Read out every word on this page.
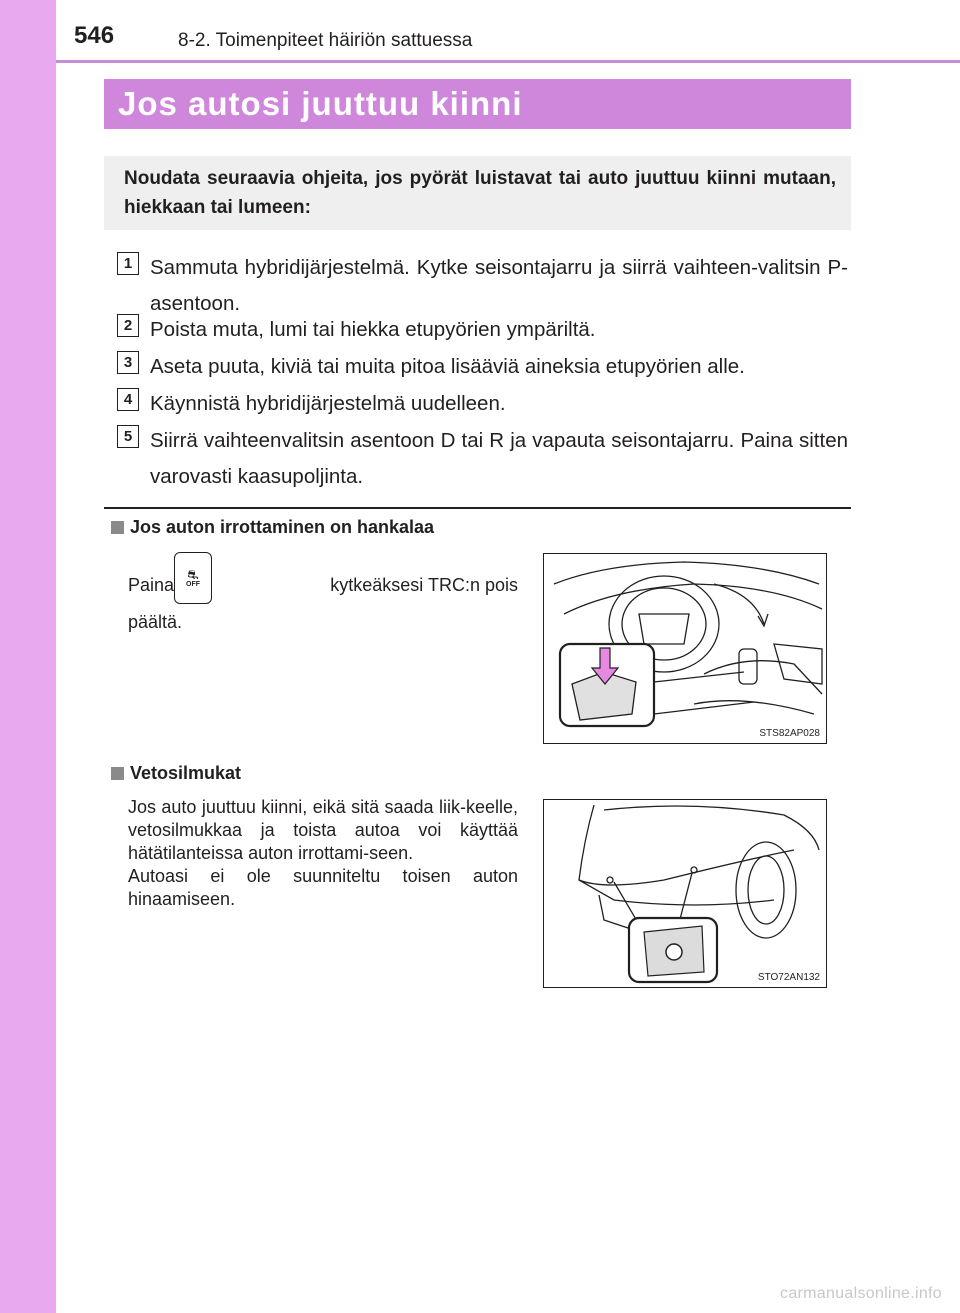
546	8-2. Toimenpiteet häiriön sattuessa
Jos autosi juuttuu kiinni

Noudata seuraavia ohjeita, jos pyörät luistavat tai auto juuttuu kiinni mutaan, hiekkaan tai lumeen:

1 Sammuta hybridijärjestelmä. Kytke seisontajarru ja siirrä vaihteen-valitsin P-asentoon.
2 Poista muta, lumi tai hiekka etupyörien ympäriltä.
3 Aseta puuta, kiviä tai muita pitoa lisääviä aineksia etupyörien alle.
4 Käynnistä hybridijärjestelmä uudelleen.
5 Siirrä vaihteenvalitsin asentoon D tai R ja vapauta seisontajarru. Paina sitten varovasti kaasupoljinta.
Jos auton irrottaminen on hankalaa
Paina
⛐
OFF	kytkeäksesi TRC:n pois
päältä.
STS82AP028
Vetosilmukat
Jos auto juuttuu kiinni, eikä sitä saada liik-keelle, vetosilmukkaa ja toista autoa voi käyttää hätätilanteissa auton irrottami-seen.
Autoasi ei ole suunniteltu toisen auton hinaamiseen.
STO72AN132
carmanualsonline.info
